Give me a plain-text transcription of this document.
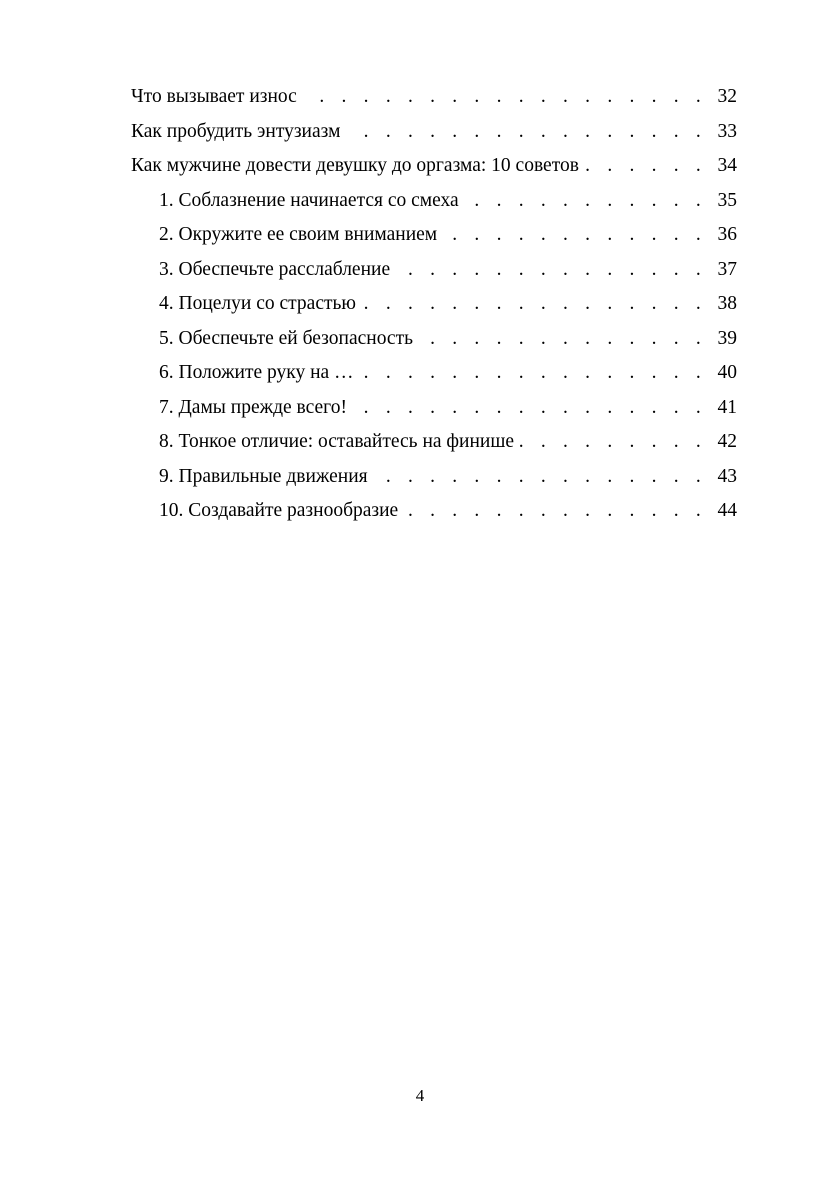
Что вызывает износ . . .	32
Как пробудить энтузиазм . . .	33
Как мужчине довести девушку до оргазма: 10 советов . . .	34
1. Соблазнение начинается со смеха . . .	35
2. Окружите ее своим вниманием . . .	36
3. Обеспечьте расслабление . . .	37
4. Поцелуи со страстью . . .	38
5. Обеспечьте ей безопасность . . .	39
6. Положите руку на … . . .	40
7. Дамы прежде всего! . . .	41
8. Тонкое отличие: оставайтесь на финише . . .	42
9. Правильные движения . . .	43
10. Создавайте разнообразие . . .	44
4
